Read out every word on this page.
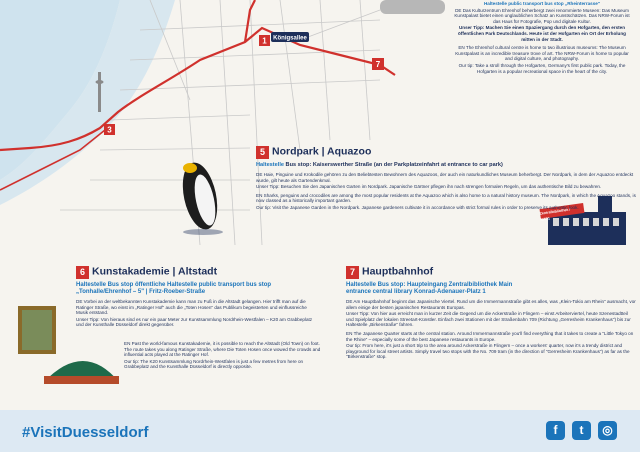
1
3
7
Königsallee
Zentralbibliothek / KAP1
Haltestelle public transport bus stop „Rheinterrasse"
DE Das Kulturzentrum Ehrenhof beherbergt zwei renommierte Museen: Das Museum Kunstpalast bietet einen unglaublichen Schatz an Kunstschätzen. Das NRW-Forum ist das Haus für Fotografie, Pop und digitale Kultur.
Unser Tipp: Machen Sie einen Spaziergang durch den Hofgarten, den ersten öffentlichen Park Deutschlands. Heute ist der Hofgarten ein Ort der Erholung mitten in der Stadt.
EN The Ehrenhof cultural centre is home to two illustrious museums: The Museum Kunstpalast is an incredible treasure trove of art. The NRW-Forum is home to popular and digital culture, and photography.
Our tip: Take a stroll through the Hofgarten, Germany's first public park. Today, the Hofgarten is a popular recreational space in the heart of the city.
5 Nordpark | Aquazoo
Haltestelle Bus stop: Kaiserswerther Straße (an der Parkplatzeinfahrt at entrance to car park)
DE Haie, Pinguine und Krokodile gehören zu den Beliebtesten Bewohnern des Aquazoos, der auch ein naturkundliches Museum beherbergt. Der Nordpark, in dem der Aquazoo entdeckt wurde, gilt heute als Gartendenkmal.
Unser Tipp: Besuchen Sie den Japanischen Garten im Nordpark. Japanische Gärtner pflegen ihn nach strengen formalen Regeln, um das authentische Bild zu bewahren.
EN Sharks, penguins and crocodiles are among the most popular residents at the Aquazoo which is also home to a natural history museum. The Nordpark, in which the Aquazoo stands, is now classed as a historically important garden.
Our tip: Visit the Japanese Garden in the Nordpark. Japanese gardeners cultivate it in accordance with strict formal rules in order to preserve its authentic look.
6 Kunstakademie | Altstadt
Haltestelle Bus stop öffentliche Haltestelle public transport bus stop „Tonhalle/Ehrenhof – 5" | Fritz-Roeber-Straße
DE Vorbei an der weltbekannten Kunstakademie kann man zu Fuß in die Altstadt gelangen. Hier trifft man auf die Ratinger Straße, wo einst im „Ratinger Hof" auch die „Toten Hosen" das Publikum begeisterten und einflussreiche Musik entstand.
Unser Tipp: Von hieraus sind es nur ein paar Meter zur Kunstsammlung Nordrhein-Westfalen – K20 am Grabbeplatz und der Kunsthalle Düsseldorf direkt gegenüber.
EN Past the world-famous Kunstakademie, it is possible to reach the Altstadt (Old Town) on foot. The route takes you along Ratinger Straße, where Die Toten Hosen once wowed the crowds and influential acts played at the Ratinger Hof.
Our tip: The K20 Kunstsammlung Nordrhein-Westfalen is just a few metres from here on Grabbeplatz and the Kunsthalle Düsseldorf is directly opposite.
7 Hauptbahnhof
Haltestelle Bus stop: Haupteingang Zentralbibliothek Main entrance central library Konrad-Adenauer-Platz 1
DE Am Hauptbahnhof beginnt das Japanische Viertel. Rund um die Immermannstraße gibt es alles, was „Klein-Tokio am Rhein" ausmacht, vor allem einige der besten japanischen Restaurants Europas.
Unser Tipp: Von hier aus erreicht man in kurzer Zeit die Gegend um die Ackerstraße in Flingern – einst Arbeiterviertel, heute Szenestadtteil und Spielplatz der lokalen Streetart-Künstler. Einfach zwei Stationen mit der Straßenbahn 709 (Richtung „Gerresheim Krankenhaus") bis zur Haltestelle „Birkenstraße" fahren.
EN The Japanese Quarter starts at the central station. Around Immermannstraße you'll find everything that it takes to create a "Little Tokyo on the Rhine" – especially some of the best Japanese restaurants in Europe.
Our tip: From here, it's just a short trip to the area around Ackerstraße in Flingern – once a workers' quarter, now it's a trendy district and playground for local street artists. Simply travel two stops with the No. 709 tram (in the direction of "Gerresheim Krankenhaus") as far as the "Birkenstraße" stop.
#VisitDuesseldorf	f	t	◎
